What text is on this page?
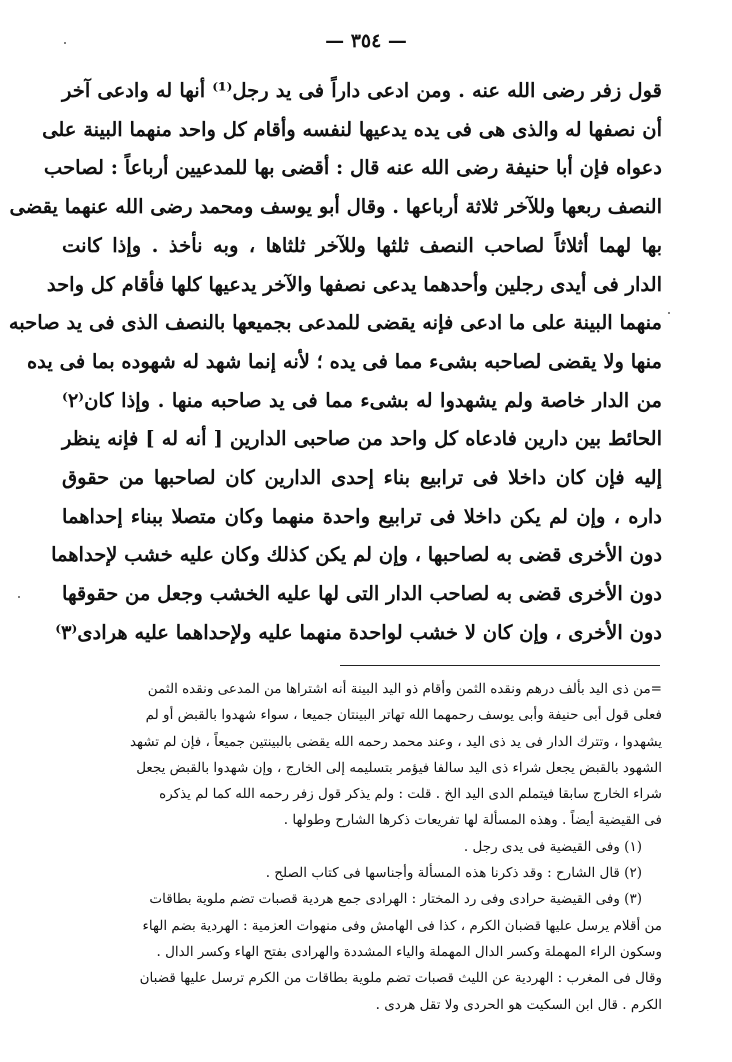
— ٣٥٤ —
قول زفر رضى الله عنه . ومن ادعى داراً فى يد رجل⁽¹⁾ أنها له وادعى آخر
أن نصفها له والذى هى فى يده يدعيها لنفسه وأقام كل واحد منهما البينة على
دعواه فإن أبا حنيفة رضى الله عنه قال : أقضى بها للمدعيين أرباعاً : لصاحب
النصف ربعها وللآخر ثلاثة أرباعها . وقال أبو يوسف ومحمد رضى الله عنهما يقضى
بها لهما أثلاثاً لصاحب النصف ثلثها وللآخر ثلثاها ، وبه نأخذ . وإذا كانت
الدار فى أيدى رجلين وأحدهما يدعى نصفها والآخر يدعيها كلها فأقام كل واحد
منهما البينة على ما ادعى فإنه يقضى للمدعى بجميعها بالنصف الذى فى يد صاحبه
منها ولا يقضى لصاحبه بشىء مما فى يده ؛ لأنه إنما شهد له شهوده بما فى يده
من الدار خاصة ولم يشهدوا له بشىء مما فى يد صاحبه منها . وإذا كان⁽٢⁾
الحائط بين دارين فادعاه كل واحد من صاحبى الدارين [ أنه له ] فإنه ينظر
إليه فإن كان داخلا فى ترابيع بناء إحدى الدارين كان لصاحبها من حقوق
داره ، وإن لم يكن داخلا فى ترابيع واحدة منهما وكان متصلا ببناء إحداهما
دون الأخرى قضى به لصاحبها ، وإن لم يكن كذلك وكان عليه خشب لإحداهما
دون الأخرى قضى به لصاحب الدار التى لها عليه الخشب وجعل من حقوقها
دون الأخرى ، وإن كان لا خشب لواحدة منهما عليه ولإحداهما عليه هرادى⁽٣⁾
=من ذى اليد بألف درهم ونقده الثمن وأقام ذو اليد البينة أنه اشتراها من المدعى ونقده الثمن
فعلى قول أبى حنيفة وأبى يوسف رحمهما الله تهاتر البينتان جميعا ، سواء شهدوا بالقبض أو لم
يشهدوا ، وتترك الدار فى يد ذى اليد ، وعند محمد رحمه الله يقضى بالبينتين جميعاً ، فإن لم تشهد
الشهود بالقبض يجعل شراء ذى اليد سالفا فيؤمر بتسليمه إلى الخارج ، وإن شهدوا بالقبض يجعل
شراء الخارج سابقا فيتملم الدى اليد الخ . قلت : ولم يذكر قول زفر رحمه الله كما لم يذكره
فى القيضية أيضاً . وهذه المسألة لها تفريعات ذكرها الشارح وطولها .
(١) وفى القيضية فى يدى رجل .
(٢) قال الشارح : وقد ذكرنا هذه المسألة وأجناسها فى كتاب الصلح .
(٣) وفى القيضية حرادى وفى رد المختار : الهرادى جمع هردية قصبات تضم ملوية بطاقات
من أقلام يرسل عليها قضبان الكرم ، كذا فى الهامش وفى منهوات العزمية : الهردية بضم الهاء
وسكون الراء المهملة وكسر الدال المهملة والياء المشددة والهرادى بفتح الهاء وكسر الدال .
وقال فى المغرب : الهردية عن الليث قصبات تضم ملوية بطاقات من الكرم ترسل عليها قضبان
الكرم . قال ابن السكيت هو الحردى ولا تقل هردى .
